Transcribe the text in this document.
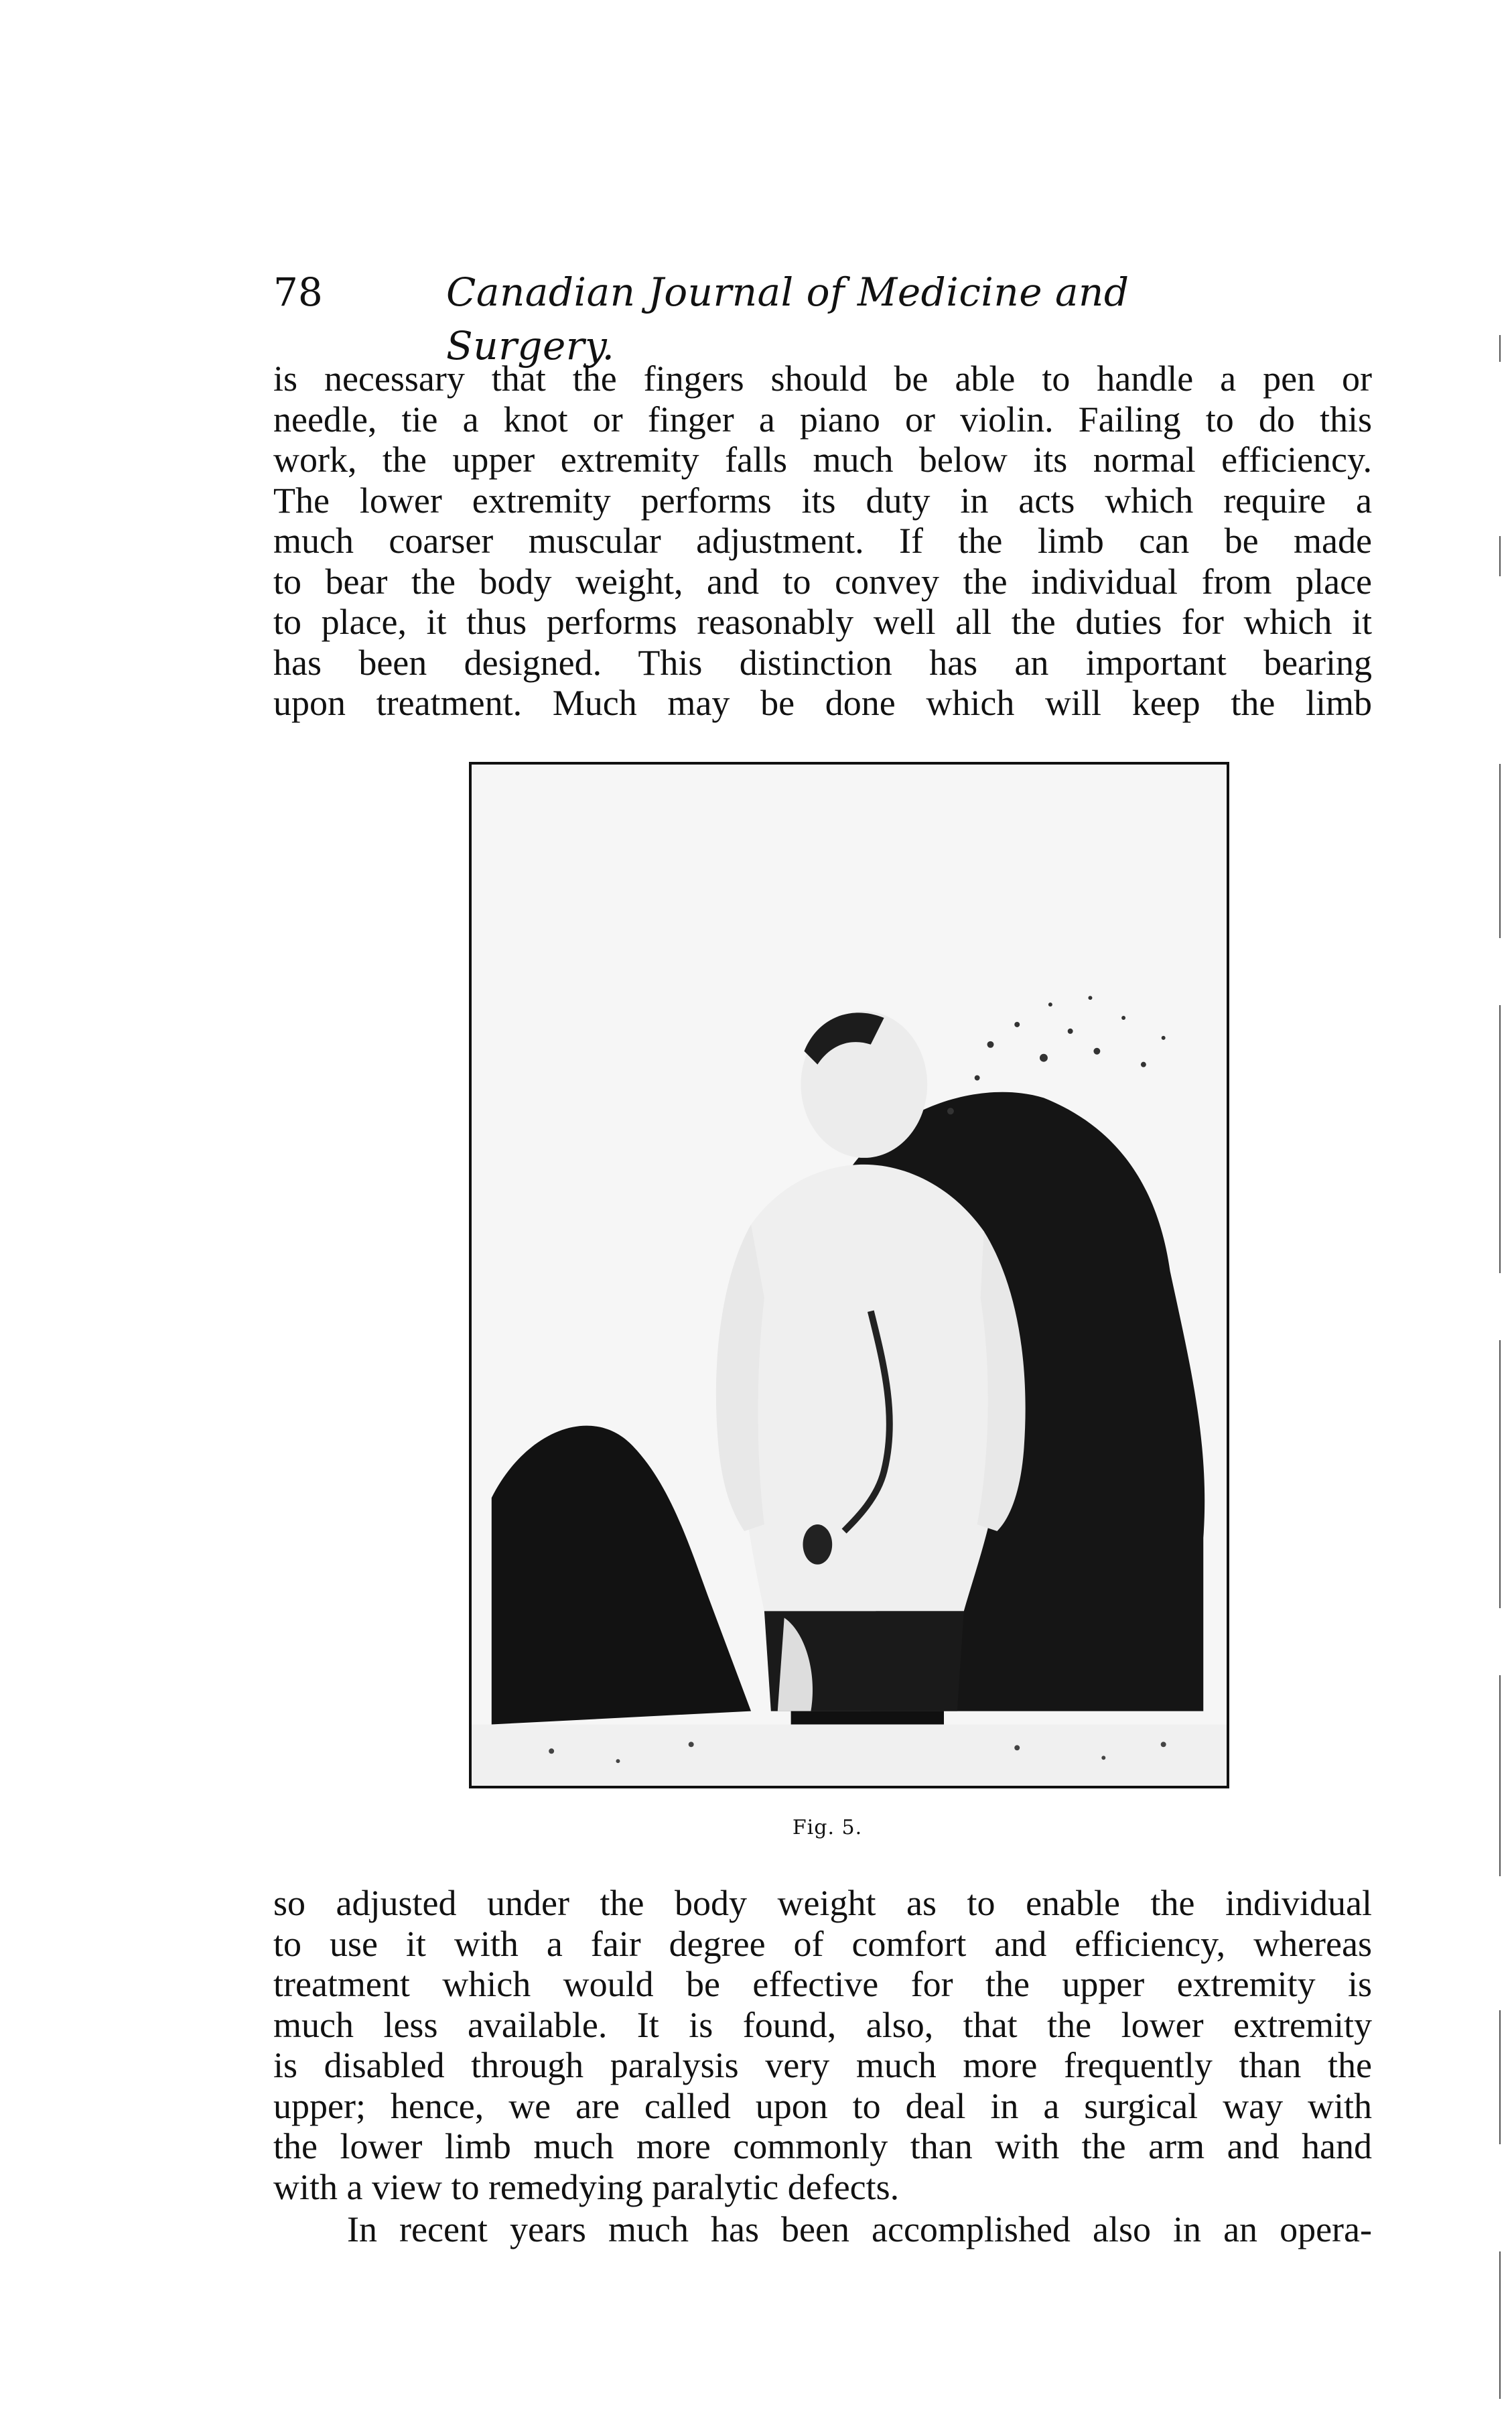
78	Canadian Journal of Medicine and Surgery.
is necessary that the fingers should be able to handle a pen or
needle, tie a knot or finger a piano or violin. Failing to do this
work, the upper extremity falls much below its normal efficiency.
The lower extremity performs its duty in acts which require a
much coarser muscular adjustment. If the limb can be made
to bear the body weight, and to convey the individual from place
to place, it thus performs reasonably well all the duties for which it
has been designed. This distinction has an important bearing
upon treatment. Much may be done which will keep the limb
Fig. 5.
so adjusted under the body weight as to enable the individual
to use it with a fair degree of comfort and efficiency, whereas
treatment which would be effective for the upper extremity is
much less available. It is found, also, that the lower extremity
is disabled through paralysis very much more frequently than the
upper; hence, we are called upon to deal in a surgical way with
the lower limb much more commonly than with the arm and hand
with a view to remedying paralytic defects.
In recent years much has been accomplished also in an opera-
